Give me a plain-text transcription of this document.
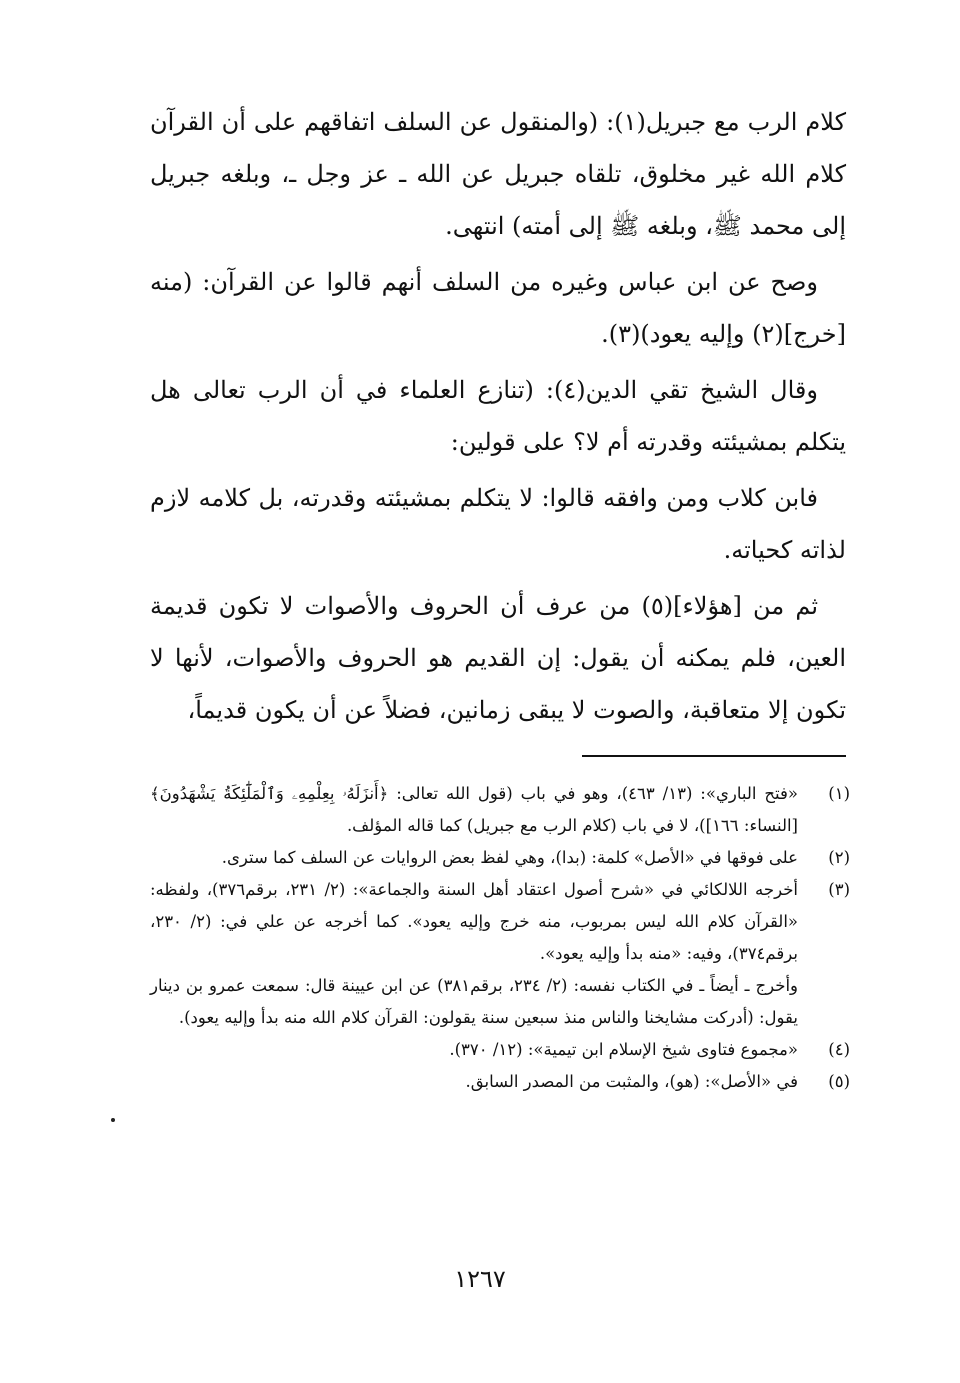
كلام الرب مع جبريل(١): (والمنقول عن السلف اتفاقهم على أن القرآن كلام الله غير مخلوق، تلقاه جبريل عن الله ـ عز وجل ـ، وبلغه جبريل إلى محمد ﷺ، وبلغه ﷺ إلى أمته) انتهى.

وصح عن ابن عباس وغيره من السلف أنهم قالوا عن القرآن: (منه [خرج](٢) وإليه يعود)(٣).

وقال الشيخ تقي الدين(٤): (تنازع العلماء في أن الرب تعالى هل يتكلم بمشيئته وقدرته أم لا؟ على قولين:

فابن كلاب ومن وافقه قالوا: لا يتكلم بمشيئته وقدرته، بل كلامه لازم لذاته كحياته.

ثم من [هؤلاء](٥) من عرف أن الحروف والأصوات لا تكون قديمة العين، فلم يمكنه أن يقول: إن القديم هو الحروف والأصوات، لأنها لا تكون إلا متعاقبة، والصوت لا يبقى زمانين، فضلاً عن أن يكون قديماً،

(١)

«فتح الباري»: (١٣/ ٤٦٣)، وهو في باب (قول الله تعالى: ﴿أَنزَلَهُۥ بِعِلْمِهِۦ وَٱلْمَلَٰٓئِكَةُ يَشْهَدُونَ﴾ [النساء: ١٦٦])، لا في باب (كلام الرب مع جبريل) كما قاله المؤلف.

(٢)

على فوقها في «الأصل» كلمة: (بدا)، وهي لفظ بعض الروايات عن السلف كما سترى.

(٣)

أخرجه اللالكائي في «شرح أصول اعتقاد أهل السنة والجماعة»: (٢/ ٢٣١، برقم٣٧٦)، ولفظه: «القرآن كلام الله ليس بمربوب، منه خرج وإليه يعود». كما أخرجه عن علي في: (٢/ ٢٣٠، برقم٣٧٤)، وفيه: «منه بدأ وإليه يعود».

وأخرج ـ أيضاً ـ في الكتاب نفسه: (٢/ ٢٣٤، برقم٣٨١) عن ابن عيينة قال: سمعت عمرو بن دينار يقول: (أدركت مشايخنا والناس منذ سبعين سنة يقولون: القرآن كلام الله منه بدأ وإليه يعود).

(٤)

«مجموع فتاوى شيخ الإسلام ابن تيمية»: (١٢/ ٣٧٠).

(٥)

في «الأصل»: (هو)، والمثبت من المصدر السابق.

١٢٦٧
